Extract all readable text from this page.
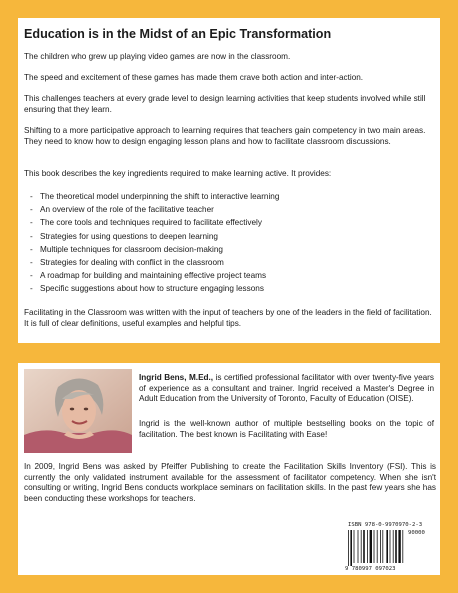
Education is in the Midst of an Epic Transformation

The children who grew up playing video games are now in the classroom.

The speed and excitement of these games has made them crave both action and inter-action.

This challenges teachers at every grade level to design learning activities that keep students involved while still ensuring that they learn.

Shifting to a more participative approach to learning requires that teachers gain competency in two main areas. They need to know how to design engaging lesson plans and how to facilitate classroom discussions.

This book describes the key ingredients required to make learning active. It provides:

- The theoretical model underpinning the shift to interactive learning
- An overview of the role of the facilitative teacher
- The core tools and techniques required to facilitate effectively
- Strategies for using questions to deepen learning
- Multiple techniques for classroom decision-making
- Strategies for dealing with conflict in the classroom
- A roadmap for building and maintaining effective project teams
- Specific suggestions about how to structure engaging lessons

Facilitating in the Classroom was written with the input of teachers by one of the leaders in the field of facilitation. It is full of clear definitions, useful examples and helpful tips.

Ingrid Bens, M.Ed., is certified professional facilitator with over twenty-five years of experience as a consultant and trainer. Ingrid received a Master's Degree in Adult Education from the University of Toronto, Faculty of Education (OISE).

Ingrid is the well-known author of multiple bestselling books on the topic of facilitation. The best known is Facilitating with Ease!

In 2009, Ingrid Bens was asked by Pfeiffer Publishing to create the Facilitation Skills Inventory (FSI). This is currently the only validated instrument available for the assessment of facilitator competency. When she isn't consulting or writing, Ingrid Bens conducts workplace seminars on facilitation skills. In the past few years she has been conducting these workshops for teachers.

ISBN 978-0-9970970-2-3

90000

9 780997 097023
